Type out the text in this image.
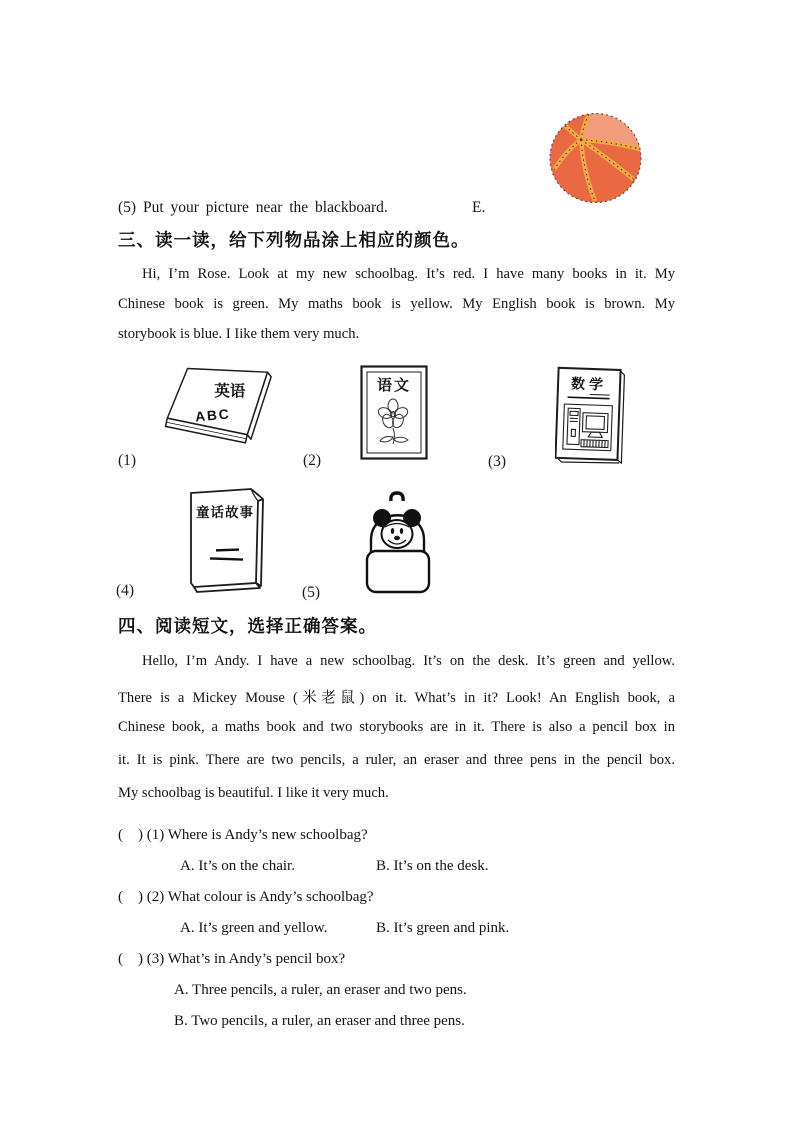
(5) Put your picture near the blackboard.	E.
三、读一读，给下列物品涂上相应的颜色。
Hi, I’m Rose. Look at my new schoolbag. It’s red. I have many books in it. My
Chinese book is green. My maths book is yellow. My English book is brown. My
storybook is blue. I Iike them very much.
英语
ABC
(1)
语文
(2)
数学
(3)
童话故事
(4)	(5)
四、阅读短文，选择正确答案。
Hello, I’m Andy. I have a new schoolbag. It’s on the desk. It’s green and yellow.
There is a Mickey Mouse (米老鼠) on it. What’s in it? Look! An English book, a
Chinese book, a maths book and two storybooks are in it. There is also a pencil box in
it. It is pink. There are two pencils, a ruler, an eraser and three pens in the pencil box.
My schoolbag is beautiful. I like it very much.
(    ) (1) Where is Andy’s new schoolbag?
A. It’s on the chair.	B. It’s on the desk.
(    ) (2) What colour is Andy’s schoolbag?
A. It’s green and yellow.	B. It’s green and pink.
(    ) (3) What’s in Andy’s pencil box?
A. Three pencils, a ruler, an eraser and two pens.
B. Two pencils, a ruler, an eraser and three pens.
